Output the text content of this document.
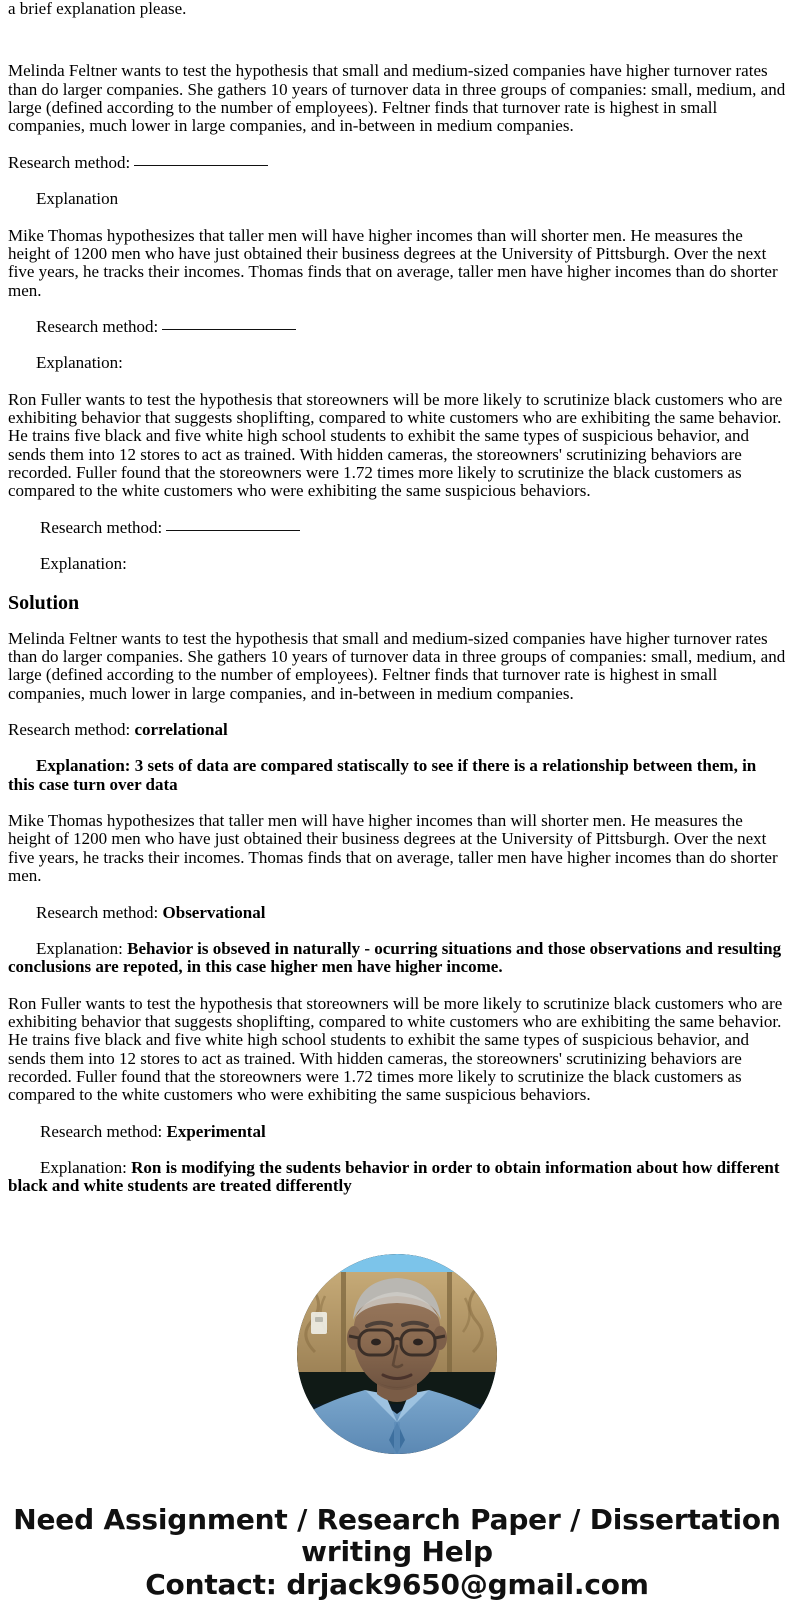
a brief explanation please.

Melinda Feltner wants to test the hypothesis that small and medium-sized companies have higher turnover rates than do larger companies. She gathers 10 years of turnover data in three groups of companies: small, medium, and large (defined according to the number of employees). Feltner finds that turnover rate is highest in small companies, much lower in large companies, and in-between in medium companies.

Research method:
Explanation

Mike Thomas hypothesizes that taller men will have higher incomes than will shorter men. He measures the height of 1200 men who have just obtained their business degrees at the University of Pittsburgh. Over the next five years, he tracks their incomes. Thomas finds that on average, taller men have higher incomes than do shorter men.

Research method:
Explanation:

Ron Fuller wants to test the hypothesis that storeowners will be more likely to scrutinize black customers who are exhibiting behavior that suggests shoplifting, compared to white customers who are exhibiting the same behavior. He trains five black and five white high school students to exhibit the same types of suspicious behavior, and sends them into 12 stores to act as trained. With hidden cameras, the storeowners' scrutinizing behaviors are recorded. Fuller found that the storeowners were 1.72 times more likely to scrutinize the black customers as compared to the white customers who were exhibiting the same suspicious behaviors.

Research method:
Explanation:
Solution

Melinda Feltner wants to test the hypothesis that small and medium-sized companies have higher turnover rates than do larger companies. She gathers 10 years of turnover data in three groups of companies: small, medium, and large (defined according to the number of employees). Feltner finds that turnover rate is highest in small companies, much lower in large companies, and in-between in medium companies.

Research method: correlational
Explanation: 3 sets of data are compared statiscally to see if there is a relationship between them, in this case turn over data

Mike Thomas hypothesizes that taller men will have higher incomes than will shorter men. He measures the height of 1200 men who have just obtained their business degrees at the University of Pittsburgh. Over the next five years, he tracks their incomes. Thomas finds that on average, taller men have higher incomes than do shorter men.

Research method: Observational
Explanation: Behavior is obseved in naturally - ocurring situations and those observations and resulting conclusions are repoted, in this case higher men have higher income.

Ron Fuller wants to test the hypothesis that storeowners will be more likely to scrutinize black customers who are exhibiting behavior that suggests shoplifting, compared to white customers who are exhibiting the same behavior. He trains five black and five white high school students to exhibit the same types of suspicious behavior, and sends them into 12 stores to act as trained. With hidden cameras, the storeowners' scrutinizing behaviors are recorded. Fuller found that the storeowners were 1.72 times more likely to scrutinize the black customers as compared to the white customers who were exhibiting the same suspicious behaviors.

Research method: Experimental
Explanation: Ron is modifying the sudents behavior in order to obtain information about how different black and white students are treated differently
Need Assignment / Research Paper / Dissertation
writing Help
Contact: drjack9650@gmail.com
